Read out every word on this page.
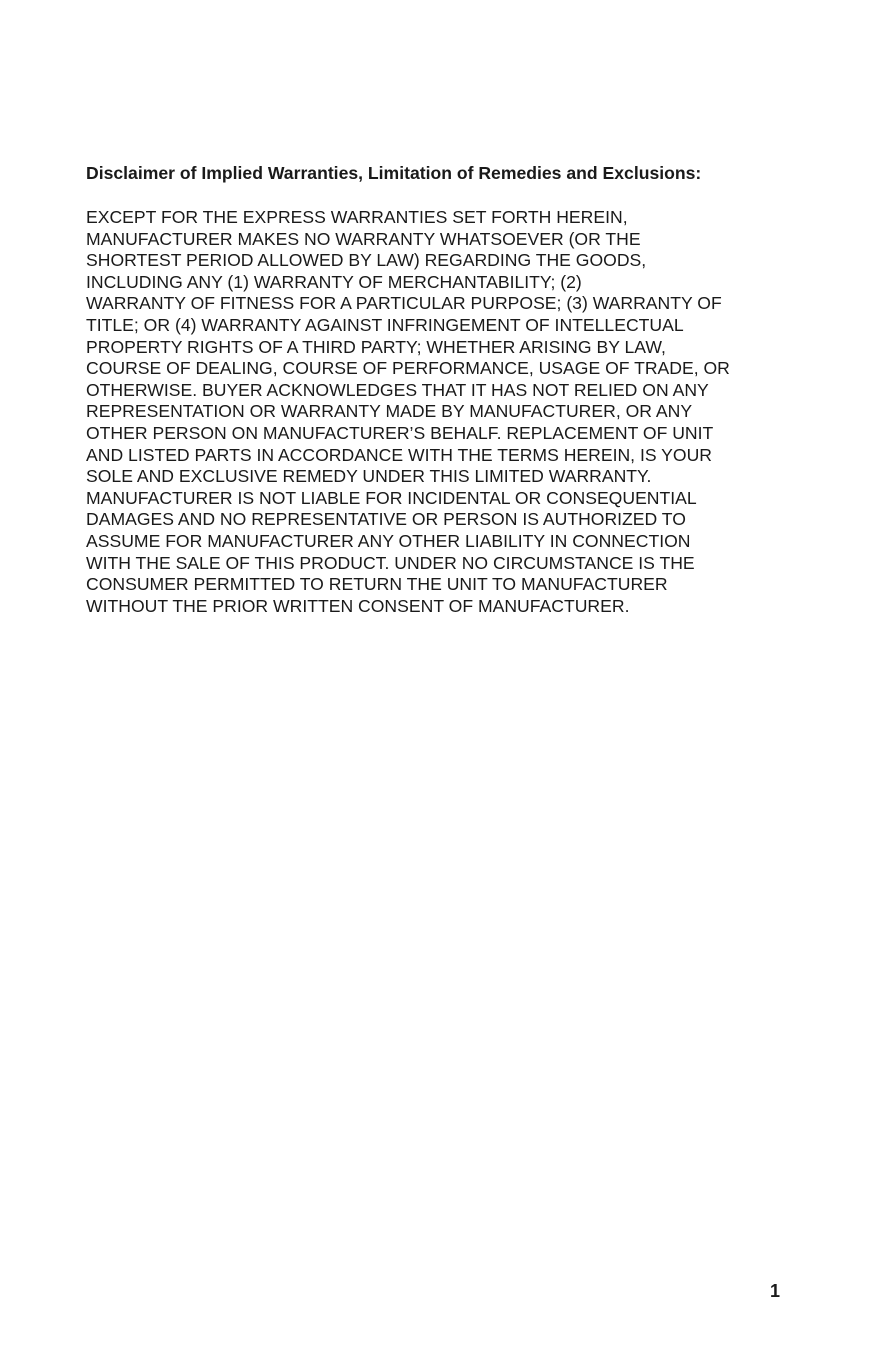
Disclaimer of Implied Warranties, Limitation of Remedies and Exclusions:
EXCEPT FOR THE EXPRESS WARRANTIES SET FORTH HEREIN,
MANUFACTURER MAKES NO WARRANTY WHATSOEVER (OR THE
SHORTEST PERIOD ALLOWED BY LAW) REGARDING THE GOODS,
INCLUDING ANY (1) WARRANTY OF MERCHANTABILITY; (2)
WARRANTY OF FITNESS FOR A PARTICULAR PURPOSE; (3) WARRANTY OF
TITLE; OR (4) WARRANTY AGAINST INFRINGEMENT OF INTELLECTUAL
PROPERTY RIGHTS OF A THIRD PARTY; WHETHER ARISING BY LAW,
COURSE OF DEALING, COURSE OF PERFORMANCE, USAGE OF TRADE, OR
OTHERWISE. BUYER ACKNOWLEDGES THAT IT HAS NOT RELIED ON ANY
REPRESENTATION OR WARRANTY MADE BY MANUFACTURER, OR ANY
OTHER PERSON ON MANUFACTURER’S BEHALF. REPLACEMENT OF UNIT
AND LISTED PARTS IN ACCORDANCE WITH THE TERMS HEREIN, IS YOUR
SOLE AND EXCLUSIVE REMEDY UNDER THIS LIMITED WARRANTY.
MANUFACTURER IS NOT LIABLE FOR INCIDENTAL OR CONSEQUENTIAL
DAMAGES AND NO REPRESENTATIVE OR PERSON IS AUTHORIZED TO
ASSUME FOR MANUFACTURER ANY OTHER LIABILITY IN CONNECTION
WITH THE SALE OF THIS PRODUCT. UNDER NO CIRCUMSTANCE IS THE
CONSUMER PERMITTED TO RETURN THE UNIT TO MANUFACTURER
WITHOUT THE PRIOR WRITTEN CONSENT OF MANUFACTURER.
1
